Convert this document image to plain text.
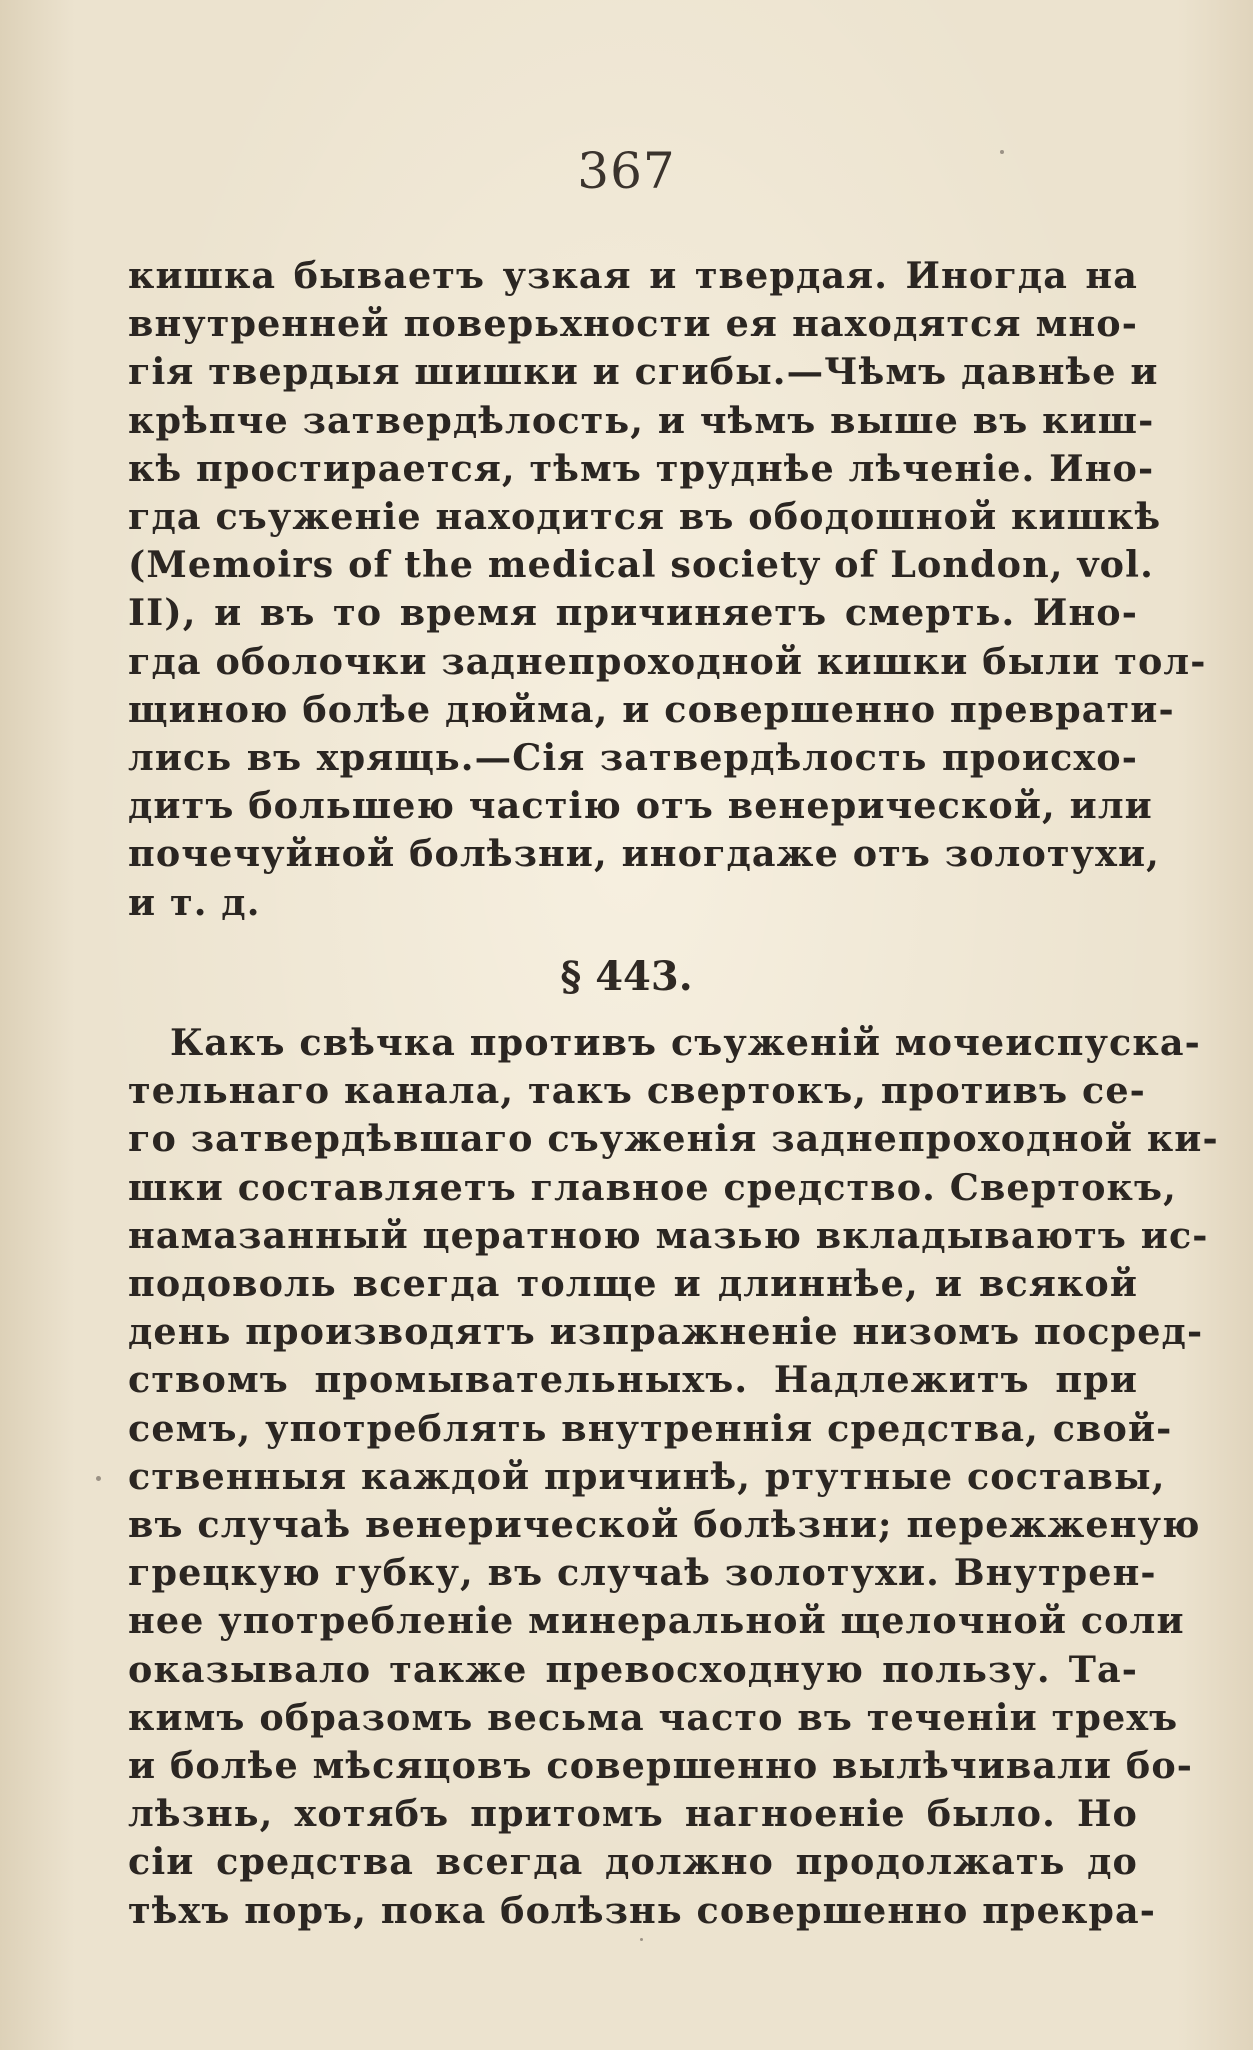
367
кишка бываетъ узкая и твердая. Иногда на
внутренней поверьхности ея находятся мно-
гія твердыя шишки и сгибы.—Чѣмъ давнѣе и
крѣпче затвердѣлость, и чѣмъ выше въ киш-
кѣ простирается, тѣмъ труднѣе лѣченіе. Ино-
гда съуженіе находится въ ободошной кишкѣ
(Memoirs of the medical society of London, vol.
II), и въ то время причиняетъ смерть. Ино-
гда оболочки заднепроходной кишки были тол-
щиною болѣе дюйма, и совершенно преврати-
лись въ хрящь.—Сія затвердѣлость происхо-
дитъ большею частію отъ венерической, или
почечуйной болѣзни, иногдаже отъ золотухи,
и т. д.
§ 443.
Какъ свѣчка противъ съуженій мочеиспуска-
тельнаго канала, такъ свертокъ, противъ се-
го затвердѣвшаго съуженія заднепроходной ки-
шки составляетъ главное средство. Свертокъ,
намазанный цератною мазью вкладываютъ ис-
подоволь всегда толще и длиннѣе, и всякой
день производятъ изпражненіе низомъ посред-
ствомъ промывательныхъ. Надлежитъ при
семъ, употреблять внутреннія средства, свой-
ственныя каждой причинѣ, ртутные составы,
въ случаѣ венерической болѣзни; пережженую
грецкую губку, въ случаѣ золотухи. Внутрен-
нее употребленіе минеральной щелочной соли
оказывало также превосходную пользу. Та-
кимъ образомъ весьма часто въ теченіи трехъ
и болѣе мѣсяцовъ совершенно вылѣчивали бо-
лѣзнь, хотябъ притомъ нагноеніе было. Но
сіи средства всегда должно продолжать до
тѣхъ поръ, пока болѣзнь совершенно прекра-
